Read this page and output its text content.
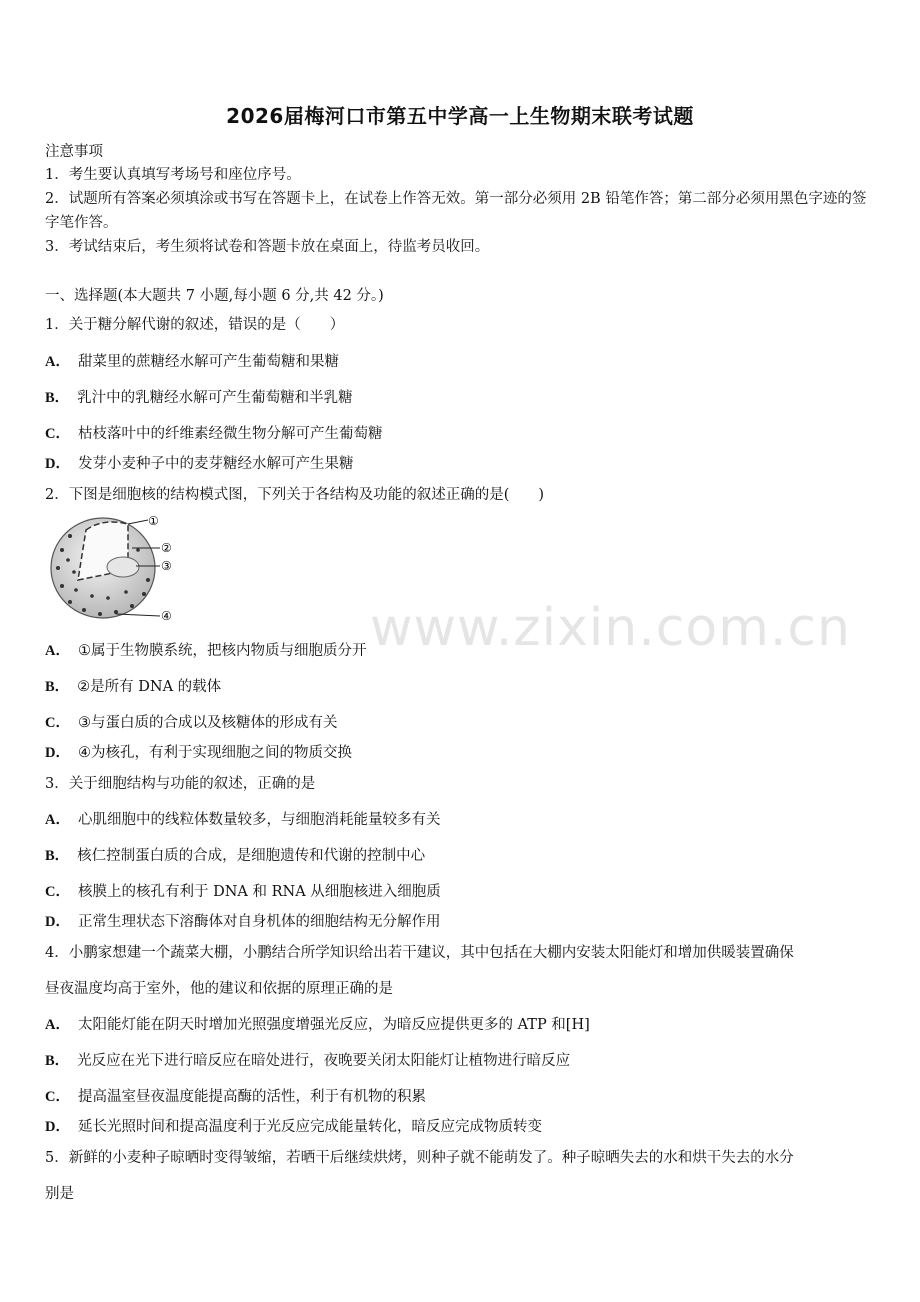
2026届梅河口市第五中学高一上生物期末联考试题
注意事项
1．考生要认真填写考场号和座位序号。
2．试题所有答案必须填涂或书写在答题卡上，在试卷上作答无效。第一部分必须用 2B 铅笔作答；第二部分必须用黑色字迹的签字笔作答。
3．考试结束后，考生须将试卷和答题卡放在桌面上，待监考员收回。
一、选择题(本大题共 7 小题,每小题 6 分,共 42 分。)
1．关于糖分解代谢的叙述，错误的是（　　）
A． 甜菜里的蔗糖经水解可产生葡萄糖和果糖
B． 乳汁中的乳糖经水解可产生葡萄糖和半乳糖
C． 枯枝落叶中的纤维素经微生物分解可产生葡萄糖
D． 发芽小麦种子中的麦芽糖经水解可产生果糖
2．下图是细胞核的结构模式图，下列关于各结构及功能的叙述正确的是(　　)
①
②
③
④
A． ①属于生物膜系统，把核内物质与细胞质分开
B． ②是所有 DNA 的载体
C． ③与蛋白质的合成以及核糖体的形成有关
D． ④为核孔，有利于实现细胞之间的物质交换
3．关于细胞结构与功能的叙述，正确的是
A． 心肌细胞中的线粒体数量较多，与细胞消耗能量较多有关
B． 核仁控制蛋白质的合成，是细胞遗传和代谢的控制中心
C． 核膜上的核孔有利于 DNA 和 RNA 从细胞核进入细胞质
D． 正常生理状态下溶酶体对自身机体的细胞结构无分解作用
4．小鹏家想建一个蔬菜大棚，小鹏结合所学知识给出若干建议，其中包括在大棚内安装太阳能灯和增加供暖装置确保
昼夜温度均高于室外，他的建议和依据的原理正确的是
A． 太阳能灯能在阴天时增加光照强度增强光反应，为暗反应提供更多的 ATP 和[H]
B． 光反应在光下进行暗反应在暗处进行，夜晚要关闭太阳能灯让植物进行暗反应
C． 提高温室昼夜温度能提高酶的活性，利于有机物的积累
D． 延长光照时间和提高温度利于光反应完成能量转化，暗反应完成物质转变
5．新鲜的小麦种子晾晒时变得皱缩，若晒干后继续烘烤，则种子就不能萌发了。种子晾晒失去的水和烘干失去的水分
别是
www.zixin.com.cn
